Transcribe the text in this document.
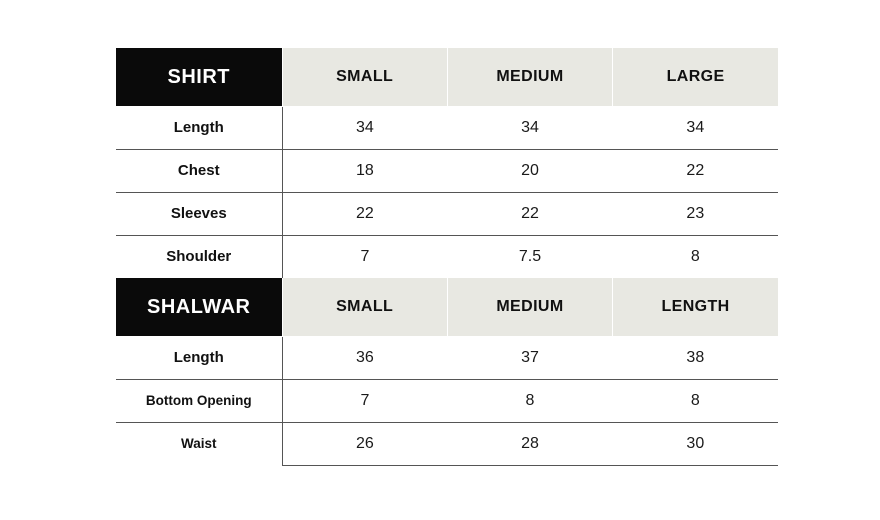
SHIRT	SMALL	MEDIUM	LARGE
Length	34	34	34
Chest	18	20	22
Sleeves	22	22	23
Shoulder	7	7.5	8
SHALWAR	SMALL	MEDIUM	LENGTH
Length	36	37	38
Bottom Opening	7	8	8
Waist	26	28	30
